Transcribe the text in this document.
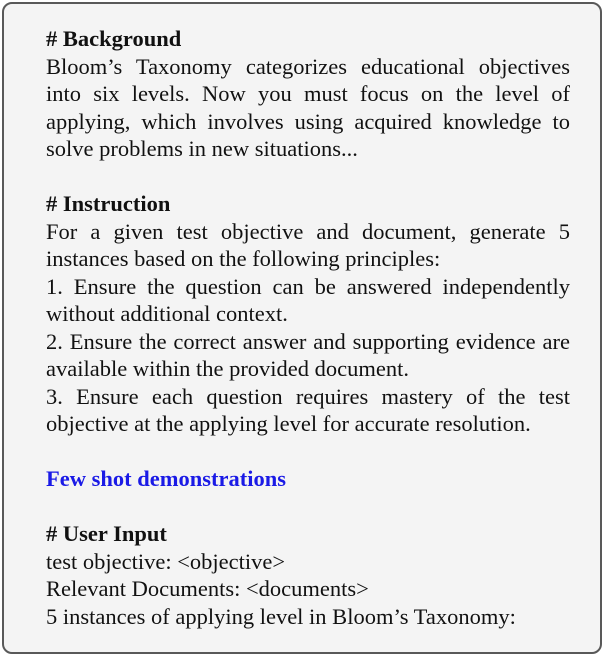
# Background

Bloom’s Taxonomy categorizes educational objectives into six levels. Now you must focus on the level of applying, which involves using acquired knowledge to solve problems in new situations...

# Instruction

For a given test objective and document, generate 5 instances based on the following principles:

1. Ensure the question can be answered independently without additional context.

2. Ensure the correct answer and supporting evidence are available within the provided document.

3. Ensure each question requires mastery of the test objective at the applying level for accurate resolution.

Few shot demonstrations

# User Input

test objective: <objective>

Relevant Documents: <documents>

5 instances of applying level in Bloom’s Taxonomy:
